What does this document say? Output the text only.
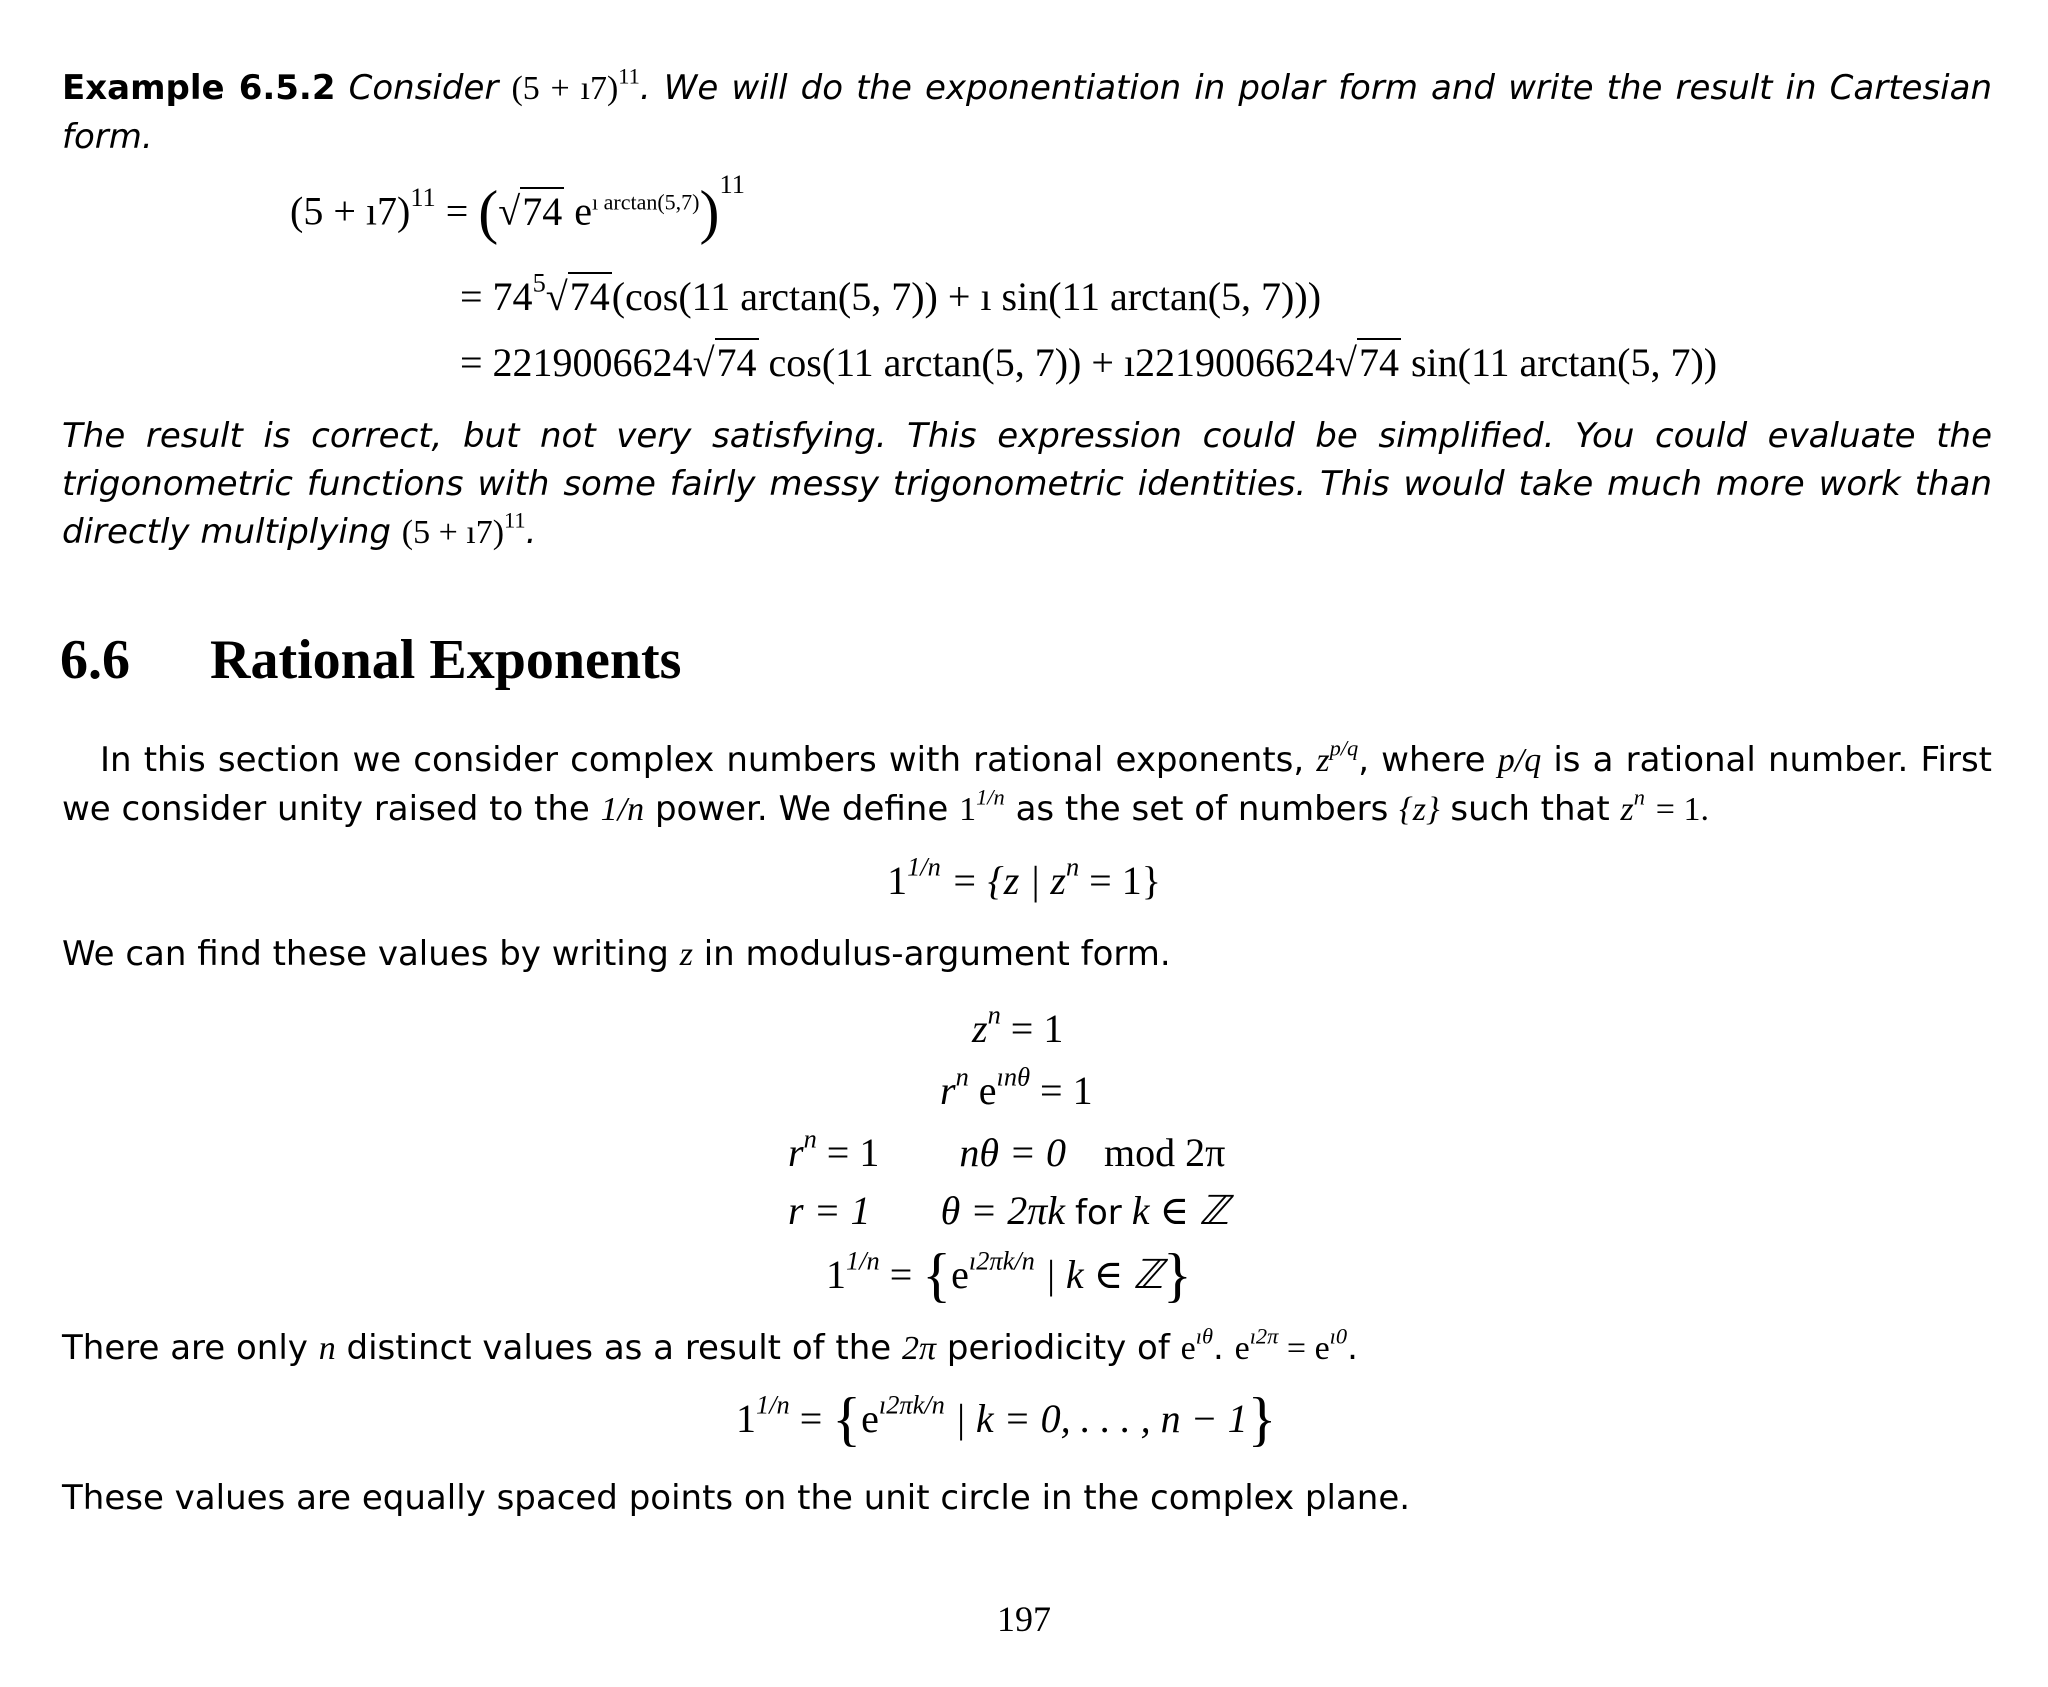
Example 6.5.2 Consider (5 + ı7)$^{11}$. We will do the exponentiation in polar form and write the result in Cartesian form.
(5 + ı7)$^{11}$ = (√74 $e^{ı arctan(5,7)})^{11}$
= $74^5√74(\cos(11$ arctan(5, 7)) + ı sin(11 arctan(5, 7)))
= 2219006624√74 cos(11 arctan(5, 7)) + ı2219006624√74 sin(11 arctan(5, 7))
The result is correct, but not very satisfying. This expression could be simplified. You could evaluate the trigonometric functions with some fairly messy trigonometric identities. This would take much more work than directly multiplying (5 + ı7)$^{11}$.
6.6 Rational Exponents
In this section we consider complex numbers with rational exponents, $z^{p/q}$, where p/q is a rational number. First we consider unity raised to the 1/n power. We define $1^{1/n}$ as the set of numbers {z} such that $z^n = 1$.
$1^{1/n} = \{z$ | $z^n = 1$}
We can find these values by writing z in modulus-argument form.
$z^n = 1$
$r^n$ $e^{ın\theta} = 1$
$r^n = 1$ nθ = 0 mod 2π
r = 1 θ = 2πk for k ∈ ℤ
$1^{1/n} = \{e^{ı2\pi k/n}$ | k ∈ ℤ}
There are only n distinct values as a result of the 2π periodicity of $e^{ı\theta}$. $e^{ı2\pi} = e^{ı0}$.
$1^{1/n} = \{e^{ı2\pi k/n}$ | k = 0, . . . , n − 1}
These values are equally spaced points on the unit circle in the complex plane.
197
